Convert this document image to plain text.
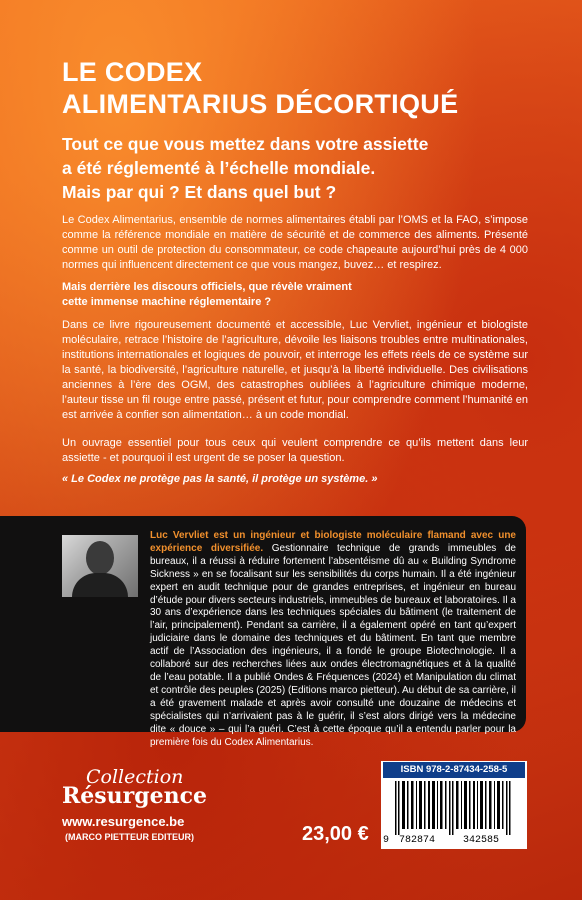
LE CODEX
ALIMENTARIUS DÉCORTIQUÉ
Tout ce que vous mettez dans votre assiette
a été réglementé à l’échelle mondiale.
Mais par qui ? Et dans quel but ?
Le Codex Alimentarius, ensemble de normes alimentaires établi par l’OMS et la FAO, s’impose comme la référence mondiale en matière de sécurité et de commerce des aliments. Présenté comme un outil de protection du consommateur, ce code chapeaute aujourd’hui près de 4 000 normes qui influencent directement ce que vous mangez, buvez… et respirez.
Mais derrière les discours officiels, que révèle vraiment
cette immense machine réglementaire ?
Dans ce livre rigoureusement documenté et accessible, Luc Vervliet, ingénieur et biologiste moléculaire, retrace l’histoire de l’agriculture, dévoile les liaisons troubles entre multinationales, institutions internationales et logiques de pouvoir, et interroge les effets réels de ce système sur la santé, la biodiversité, l’agriculture naturelle, et jusqu’à la liberté individuelle. Des civilisations anciennes à l’ère des OGM, des catastrophes oubliées à l’agriculture chimique moderne, l’auteur tisse un fil rouge entre passé, présent et futur, pour comprendre comment l’humanité en est arrivée à confier son alimentation… à un code mondial.
Un ouvrage essentiel pour tous ceux qui veulent comprendre ce qu’ils mettent dans leur assiette - et pourquoi il est urgent de se poser la question.
« Le Codex ne protège pas la santé, il protège un système. »
Luc Vervliet est un ingénieur et biologiste moléculaire flamand avec une expérience diversifiée. Gestionnaire technique de grands immeubles de bureaux, il a réussi à réduire fortement l’absentéisme dû au « Building Syndrome Sickness » en se focalisant sur les sensibilités du corps humain. Il a été ingénieur expert en audit technique pour de grandes entreprises, et ingénieur en bureau d’étude pour divers secteurs industriels, immeubles de bureaux et laboratoires. Il a 30 ans d’expérience dans les techniques spéciales du bâtiment (le traitement de l’air, principalement). Pendant sa carrière, il a également opéré en tant qu’expert judiciaire dans le domaine des techniques et du bâtiment. En tant que membre actif de l’Association des ingénieurs, il a fondé le groupe Biotechnologie. Il a collaboré sur des recherches liées aux ondes électromagnétiques et à la qualité de l’eau potable. Il a publié Ondes & Fréquences (2024) et Manipulation du climat et contrôle des peuples (2025) (Editions marco pietteur). Au début de sa carrière, il a été gravement malade et après avoir consulté une douzaine de médecins et spécialistes qui n’arrivaient pas à le guérir, il s’est alors dirigé vers la médecine dite « douce » – qui l’a guéri. C’est à cette époque qu’il a entendu parler pour la première fois du Codex Alimentarius.
Collection
Résurgence
www.resurgence.be
(MARCO PIETTEUR EDITEUR)	23,00 €
ISBN 978-2-87434-258-5
9 782874	342585
